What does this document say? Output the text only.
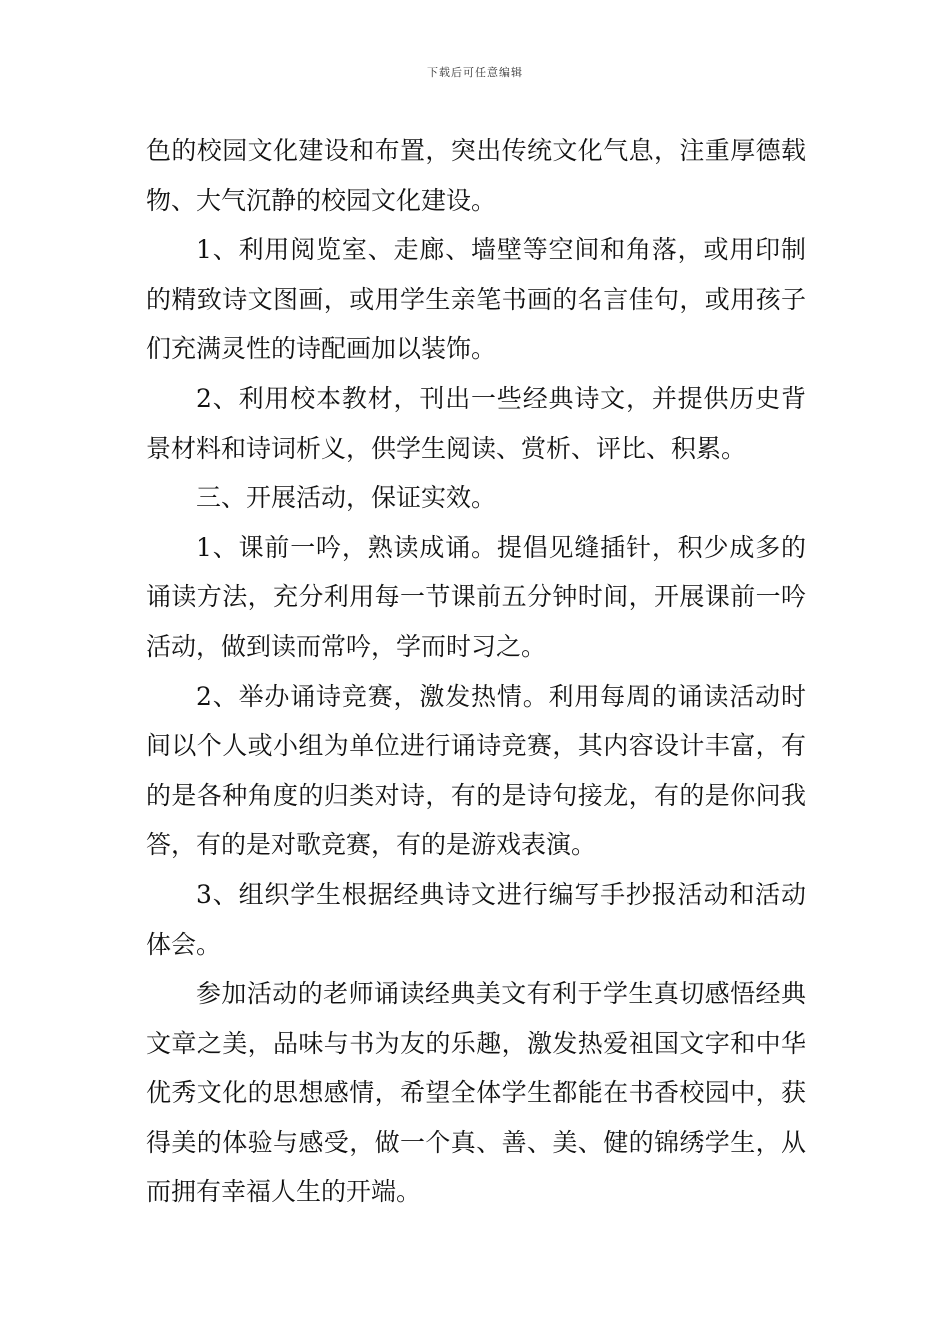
下载后可任意编辑

色的校园文化建设和布置，突出传统文化气息，注重厚德载物、大气沉静的校园文化建设。

1、利用阅览室、走廊、墙壁等空间和角落，或用印制的精致诗文图画，或用学生亲笔书画的名言佳句，或用孩子们充满灵性的诗配画加以装饰。

2、利用校本教材，刊出一些经典诗文，并提供历史背景材料和诗词析义，供学生阅读、赏析、评比、积累。

三、开展活动，保证实效。

1、课前一吟，熟读成诵。提倡见缝插针，积少成多的诵读方法，充分利用每一节课前五分钟时间，开展课前一吟活动，做到读而常吟，学而时习之。

2、举办诵诗竞赛，激发热情。利用每周的诵读活动时间以个人或小组为单位进行诵诗竞赛，其内容设计丰富，有的是各种角度的归类对诗，有的是诗句接龙，有的是你问我答，有的是对歌竞赛，有的是游戏表演。

3、组织学生根据经典诗文进行编写手抄报活动和活动体会。

参加活动的老师诵读经典美文有利于学生真切感悟经典文章之美，品味与书为友的乐趣，激发热爱祖国文字和中华优秀文化的思想感情，希望全体学生都能在书香校园中，获得美的体验与感受，做一个真、善、美、健的锦绣学生，从而拥有幸福人生的开端。
